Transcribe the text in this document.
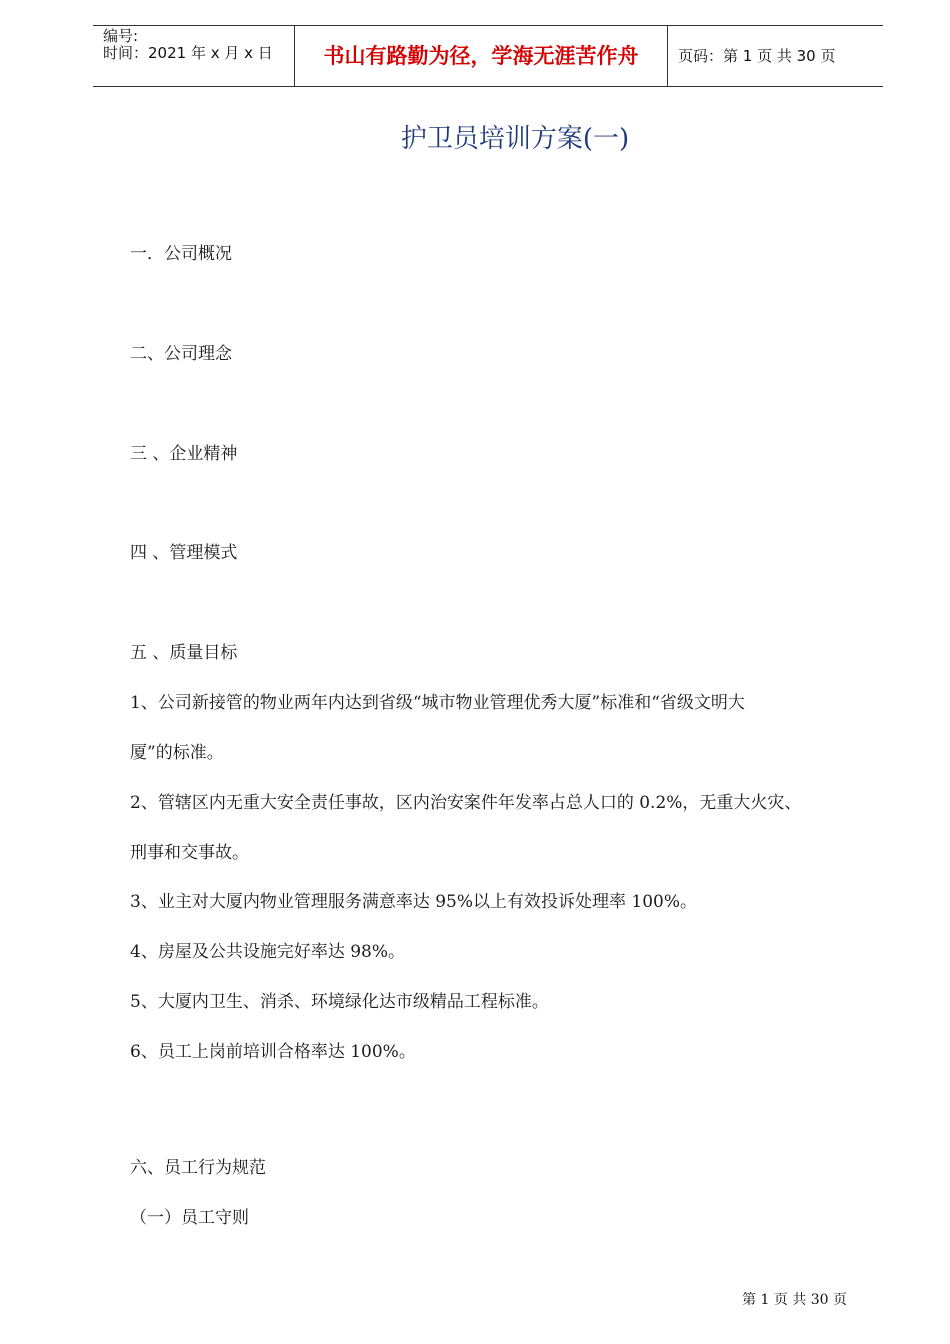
编号:
时间：2021 年 x 月 x 日	书山有路勤为径，学海无涯苦作舟	页码：第 1 页 共 30 页
护卫员培训方案(一)
一．公司概况
二、公司理念
三 、企业精神
四 、管理模式
五 、质量目标
1、公司新接管的物业两年内达到省级“城市物业管理优秀大厦”标准和“省级文明大
厦”的标准。
2、管辖区内无重大安全责任事故，区内治安案件年发率占总人口的 0.2%，无重大火灾、
刑事和交事故。
3、业主对大厦内物业管理服务满意率达 95%以上有效投诉处理率 100%。
4、房屋及公共设施完好率达 98%。
5、大厦内卫生、消杀、环境绿化达市级精品工程标准。
6、员工上岗前培训合格率达 100%。
六、员工行为规范
（一）员工守则
第 1 页 共 30 页
